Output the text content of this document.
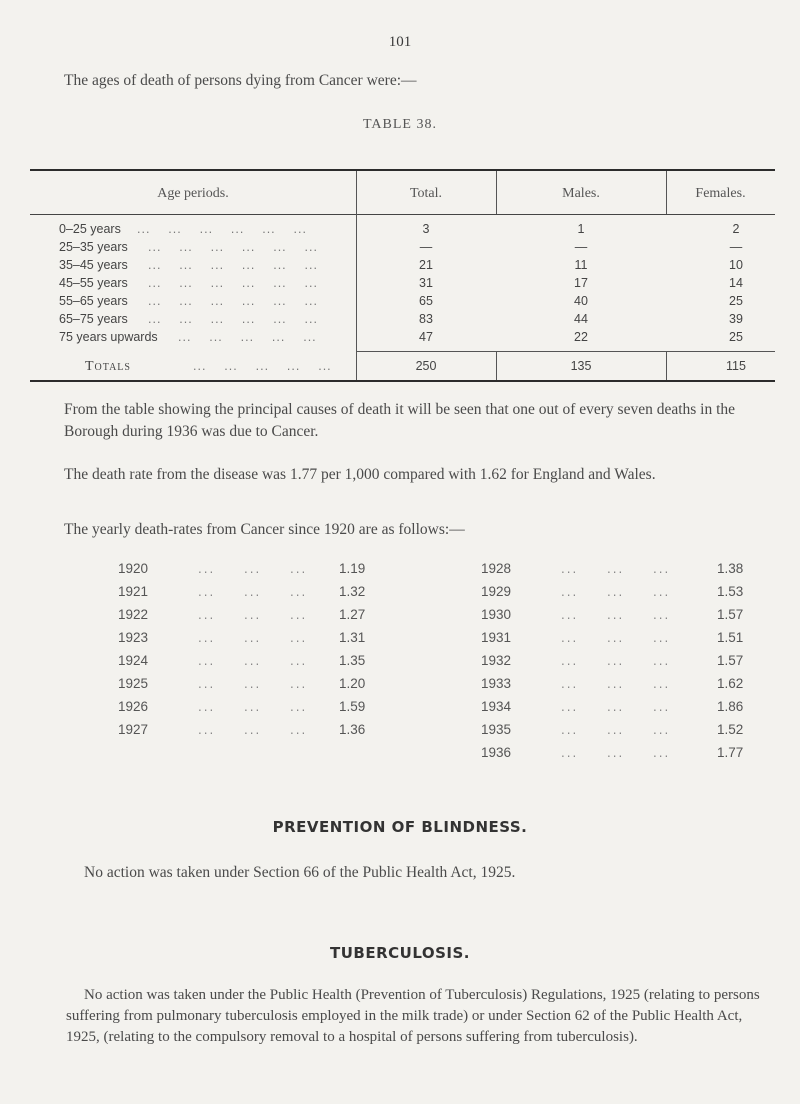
101
The ages of death of persons dying from Cancer were:—
TABLE 38.
Age periods.	Total.	Males.	Females.
0–25 years ...    ...    ...    ...    ...    ...	3	1	2
25–35 years ...    ...    ...    ...    ...    ...	—	—	—
35–45 years ...    ...    ...    ...    ...    ...	21	11	10
45–55 years ...    ...    ...    ...    ...    ...	31	17	14
55–65 years ...    ...    ...    ...    ...    ...	65	40	25
65–75 years ...    ...    ...    ...    ...    ...	83	44	39
75 years upwards ...    ...    ...    ...    ...	47	22	25
Totals	...    ...    ...    ...    ...	250	135	115
From the table showing the principal causes of death it will be seen that one out of every seven deaths in the Borough during 1936 was due to Cancer.
The death rate from the disease was 1.77 per 1,000 compared with 1.62 for England and Wales.
The yearly death-rates from Cancer since 1920 are as follows:—
1920	...     ...     ... 1.19
1921	...     ...     ... 1.32
1922	...     ...     ... 1.27
1923	...     ...     ... 1.31
1924	...     ...     ... 1.35
1925	...     ...     ... 1.20
1926	...     ...     ... 1.59
1927	...     ...     ... 1.36
1928	...     ...     ...	1.38
1929	...     ...     ...	1.53
1930	...     ...     ...	1.57
1931	...     ...     ...	1.51
1932	...     ...     ...	1.57
1933	...     ...     ...	1.62
1934	...     ...     ...	1.86
1935	...     ...     ...	1.52
1936	...     ...     ...	1.77
PREVENTION OF BLINDNESS.
No action was taken under Section 66 of the Public Health Act, 1925.
TUBERCULOSIS.
No action was taken under the Public Health (Prevention of Tuberculosis) Regulations, 1925 (relating to persons suffering from pulmonary tuberculosis employed in the milk trade) or under Section 62 of the Public Health Act, 1925, (relating to the compulsory removal to a hospital of persons suffering from tuberculosis).
